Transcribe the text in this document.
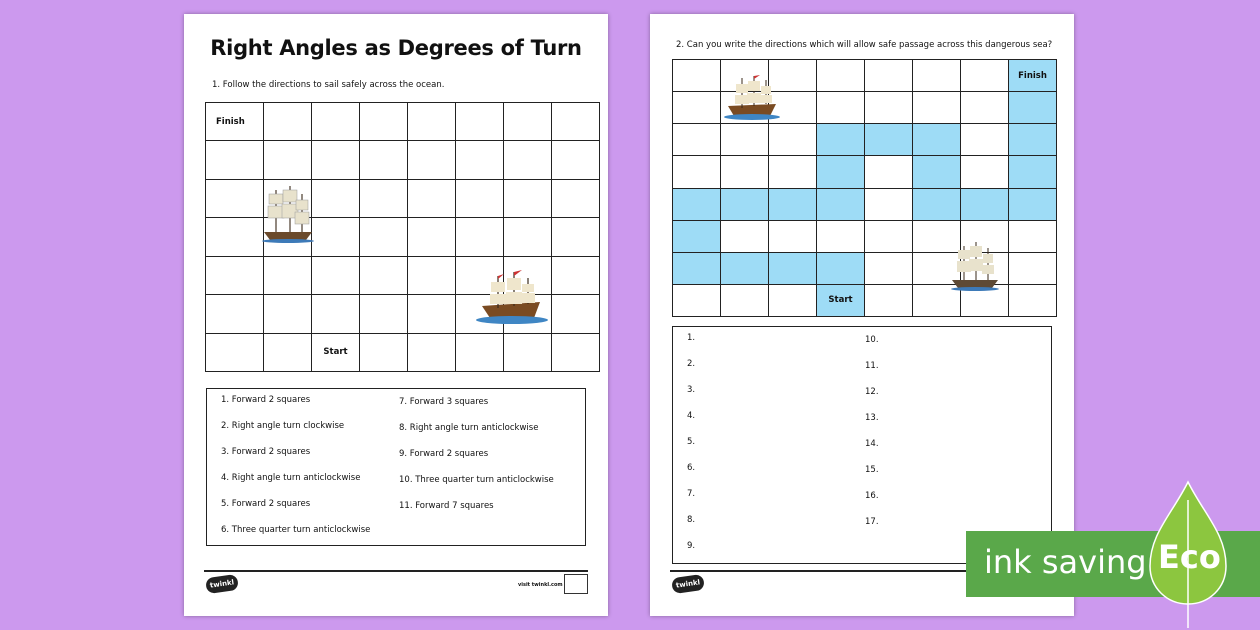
Right Angles as Degrees of Turn
1. Follow the directions to sail safely across the ocean.
Finish							

		Start					
1. Forward 2 squares
2. Right angle turn clockwise
3. Forward 2 squares
4. Right angle turn anticlockwise
5. Forward 2 squares
6. Three quarter turn anticlockwise
7. Forward 3 squares
8. Right angle turn anticlockwise
9. Forward 2 squares
10. Three quarter turn anticlockwise
11. Forward 7 squares
twinkl	visit twinkl.com
2. Can you write the directions which will allow safe passage across this dangerous sea?
							Finish

			Start				
1.
2.
3.
4.
5.
6.
7.
8.
9.
10.
11.
12.
13.
14.
15.
16.
17.
twinkl
ink saving Eco
